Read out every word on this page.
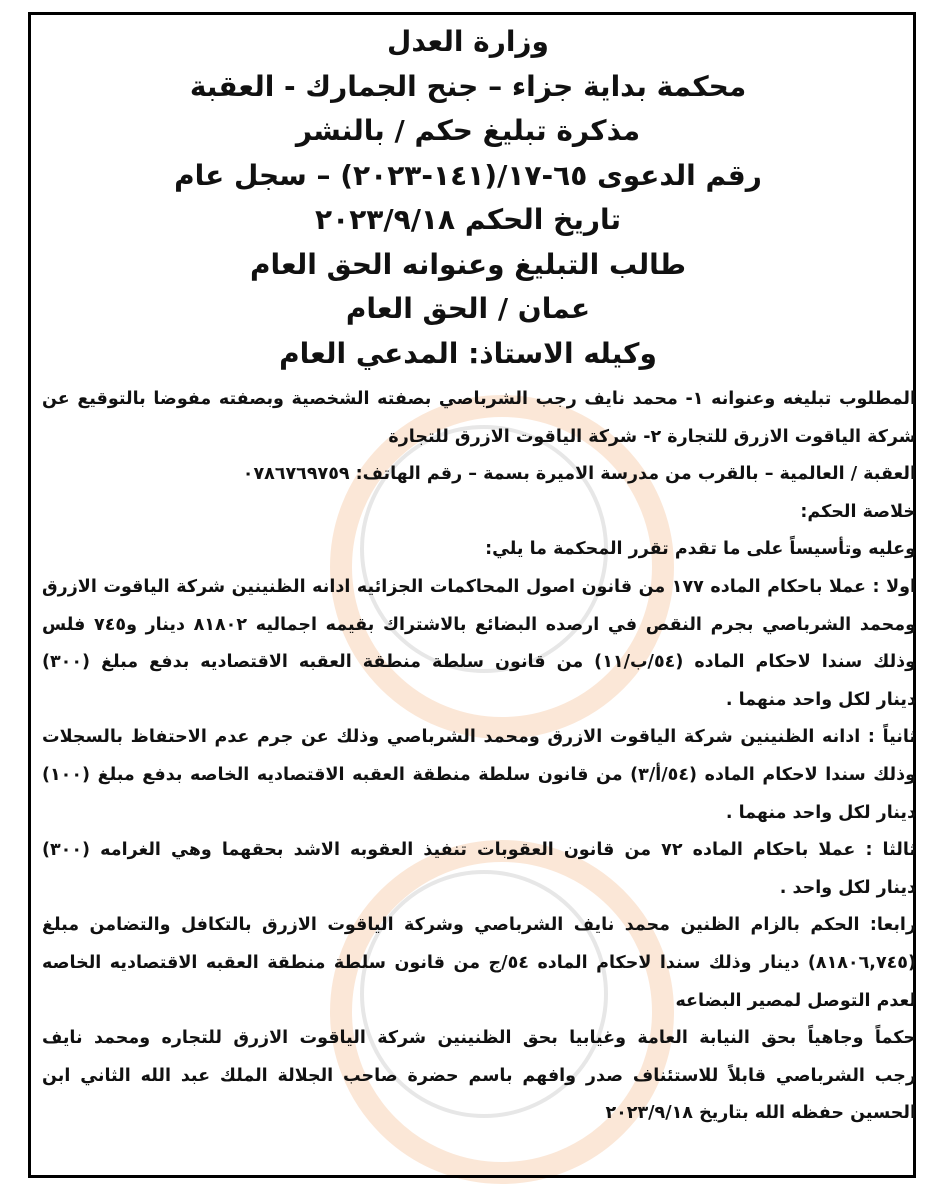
وزارة العدل
محكمة بداية جزاء – جنح الجمارك - العقبة
مذكرة تبليغ حكم / بالنشر
رقم الدعوى ٦٥-١٧/(١٤١-٢٠٢٣) – سجل عام
تاريخ الحكم ٢٠٢٣/٩/١٨
طالب التبليغ وعنوانه الحق العام
عمان / الحق العام
وكيله الاستاذ: المدعي العام
المطلوب تبليغه وعنوانه ١- محمد نايف رجب الشرباصي بصفته الشخصية وبصفته مفوضا بالتوقيع عن
شركة الياقوت الازرق للتجارة ٢- شركة الياقوت الازرق للتجارة
العقبة / العالمية – بالقرب من مدرسة الاميرة بسمة – رقم الهاتف: ٠٧٨٦٧٦٩٧٥٩
خلاصة الحكم:
وعليه وتأسيساً على ما تقدم تقرر المحكمة ما يلي:
اولا : عملا باحكام الماده ١٧٧ من قانون اصول المحاكمات الجزائيه ادانه الظنينين شركة الياقوت الازرق
ومحمد الشرباصي بجرم النقص في ارصده البضائع بالاشتراك بقيمه اجماليه ٨١٨٠٢ دينار و٧٤٥ فلس
وذلك سندا لاحكام الماده (٥٤/ب/١١) من قانون سلطة منطقة العقبه الاقتصاديه بدفع مبلغ (٣٠٠)
دينار لكل واحد منهما .
ثانياً : ادانه الظنينين شركة الياقوت الازرق ومحمد الشرباصي وذلك عن جرم عدم الاحتفاظ بالسجلات
وذلك سندا لاحكام الماده (٥٤/أ/٣) من قانون سلطة منطقة العقبه الاقتصاديه الخاصه بدفع مبلغ (١٠٠)
دينار لكل واحد منهما .
ثالثا : عملا باحكام الماده ٧٢ من قانون العقوبات تنفيذ العقوبه الاشد بحقهما وهي الغرامه (٣٠٠)
دينار لكل واحد .
رابعا: الحكم بالزام الظنين محمد نايف الشرباصي وشركة الياقوت الازرق بالتكافل والتضامن مبلغ
(٨١٨٠٦,٧٤٥) دينار وذلك سندا لاحكام الماده ٥٤/ج من قانون سلطة منطقة العقبه الاقتصاديه الخاصه
لعدم التوصل لمصير البضاعه
حكماً وجاهياً بحق النيابة العامة وغيابيا بحق الظنينين شركة الياقوت الازرق للتجاره ومحمد نايف
رجب الشرباصي قابلاً للاستئناف صدر وافهم باسم حضرة صاحب الجلالة الملك عبد الله الثاني ابن
الحسين حفظه الله بتاريخ ٢٠٢٣/٩/١٨
